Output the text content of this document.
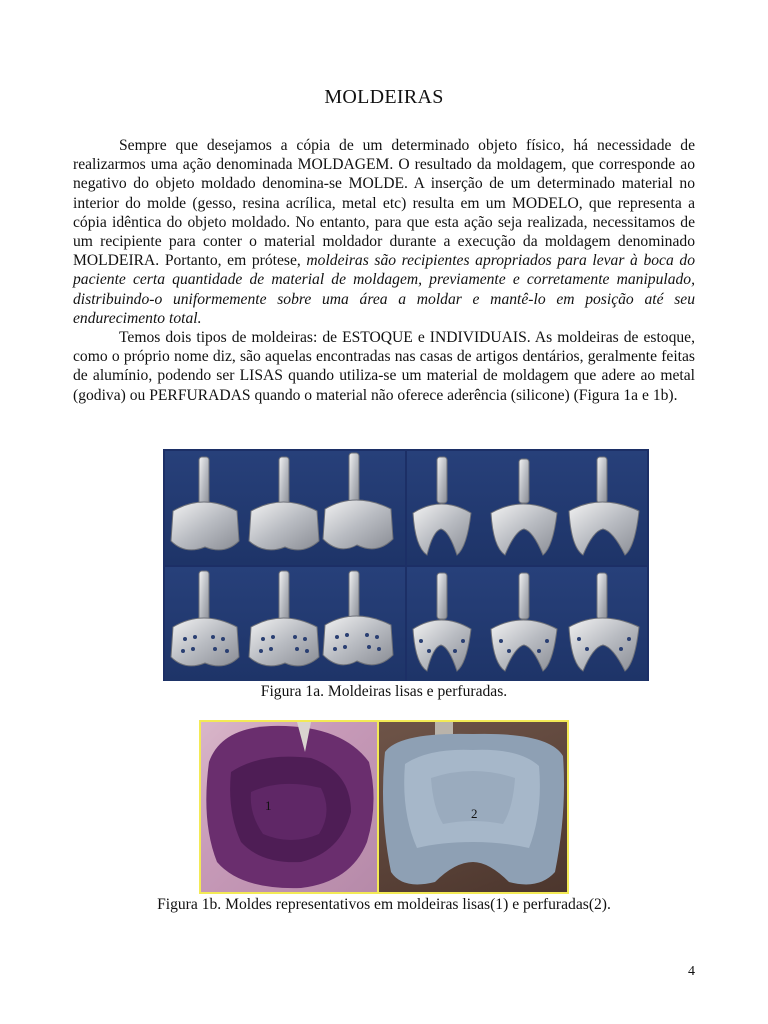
MOLDEIRAS

Sempre que desejamos a cópia de um determinado objeto físico, há necessidade de realizarmos uma ação denominada MOLDAGEM. O resultado da moldagem, que corresponde ao negativo do objeto moldado denomina-se MOLDE. A inserção de um determinado material no interior do molde (gesso, resina acrílica, metal etc) resulta em um MODELO, que representa a cópia idêntica do objeto moldado. No entanto, para que esta ação seja realizada, necessitamos de um recipiente para conter o material moldador durante a execução da moldagem denominado MOLDEIRA. Portanto, em prótese, moldeiras são recipientes apropriados para levar à boca do paciente certa quantidade de material de moldagem, previamente e corretamente manipulado, distribuindo-o uniformemente sobre uma área a moldar e mantê-lo em posição até seu endurecimento total.

Temos dois tipos de moldeiras: de ESTOQUE e INDIVIDUAIS. As moldeiras de estoque, como o próprio nome diz, são aquelas encontradas nas casas de artigos dentários, geralmente feitas de alumínio, podendo ser LISAS quando utiliza-se um material de moldagem que adere ao metal (godiva) ou PERFURADAS quando o material não oferece aderência (silicone) (Figura 1a e 1b).

Figura 1a. Moldeiras lisas e perfuradas.
1
2
Figura 1b. Moldes representativos em moldeiras lisas(1) e perfuradas(2).
4
